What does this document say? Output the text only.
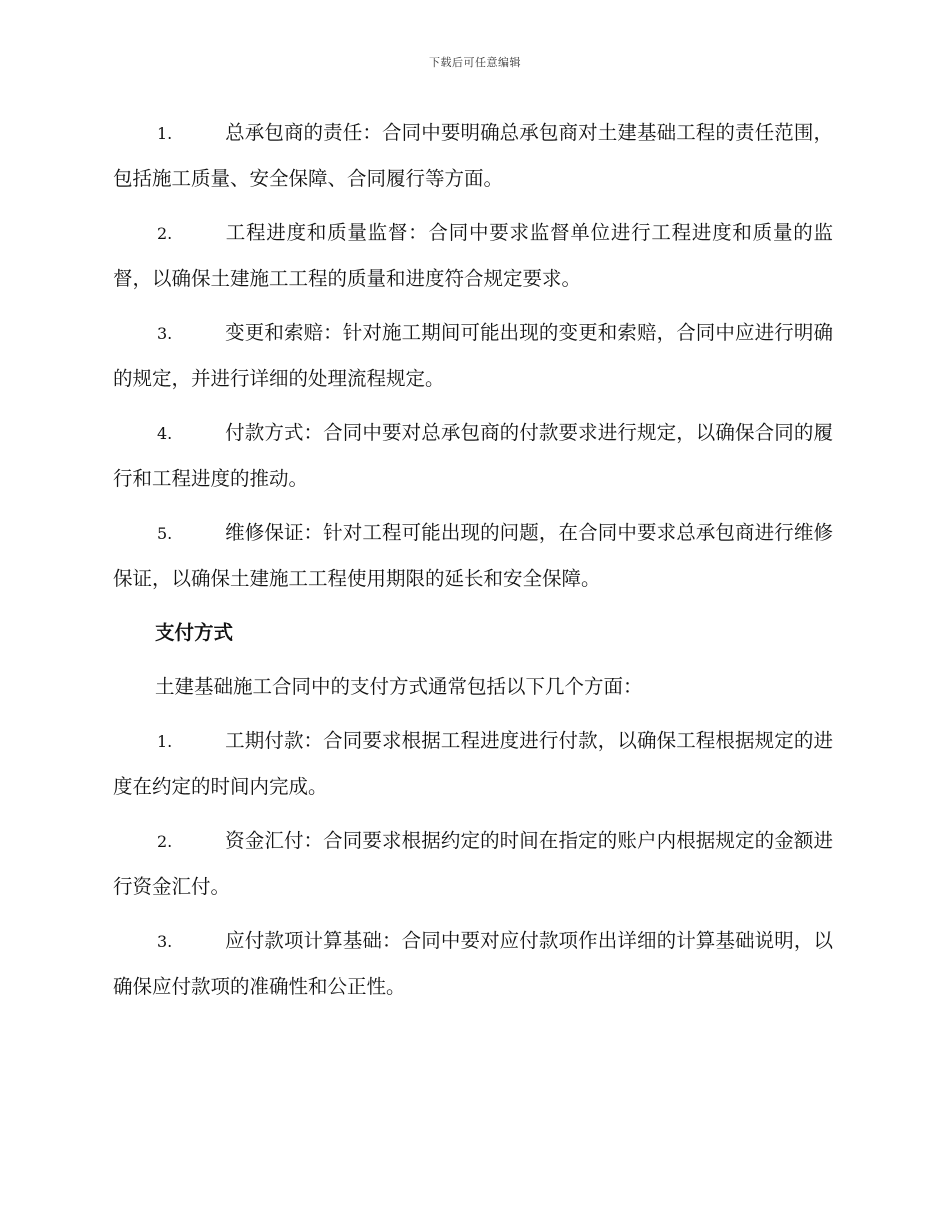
下载后可任意编辑
1.	总承包商的责任：合同中要明确总承包商对土建基础工程的责任范围，包括施工质量、安全保障、合同履行等方面。
2.	工程进度和质量监督：合同中要求监督单位进行工程进度和质量的监督，以确保土建施工工程的质量和进度符合规定要求。
3.	变更和索赔：针对施工期间可能出现的变更和索赔，合同中应进行明确的规定，并进行详细的处理流程规定。
4.	付款方式：合同中要对总承包商的付款要求进行规定，以确保合同的履行和工程进度的推动。
5.	维修保证：针对工程可能出现的问题，在合同中要求总承包商进行维修保证，以确保土建施工工程使用期限的延长和安全保障。
支付方式
土建基础施工合同中的支付方式通常包括以下几个方面：
1.	工期付款：合同要求根据工程进度进行付款，以确保工程根据规定的进度在约定的时间内完成。
2.	资金汇付：合同要求根据约定的时间在指定的账户内根据规定的金额进行资金汇付。
3.	应付款项计算基础：合同中要对应付款项作出详细的计算基础说明，以确保应付款项的准确性和公正性。
